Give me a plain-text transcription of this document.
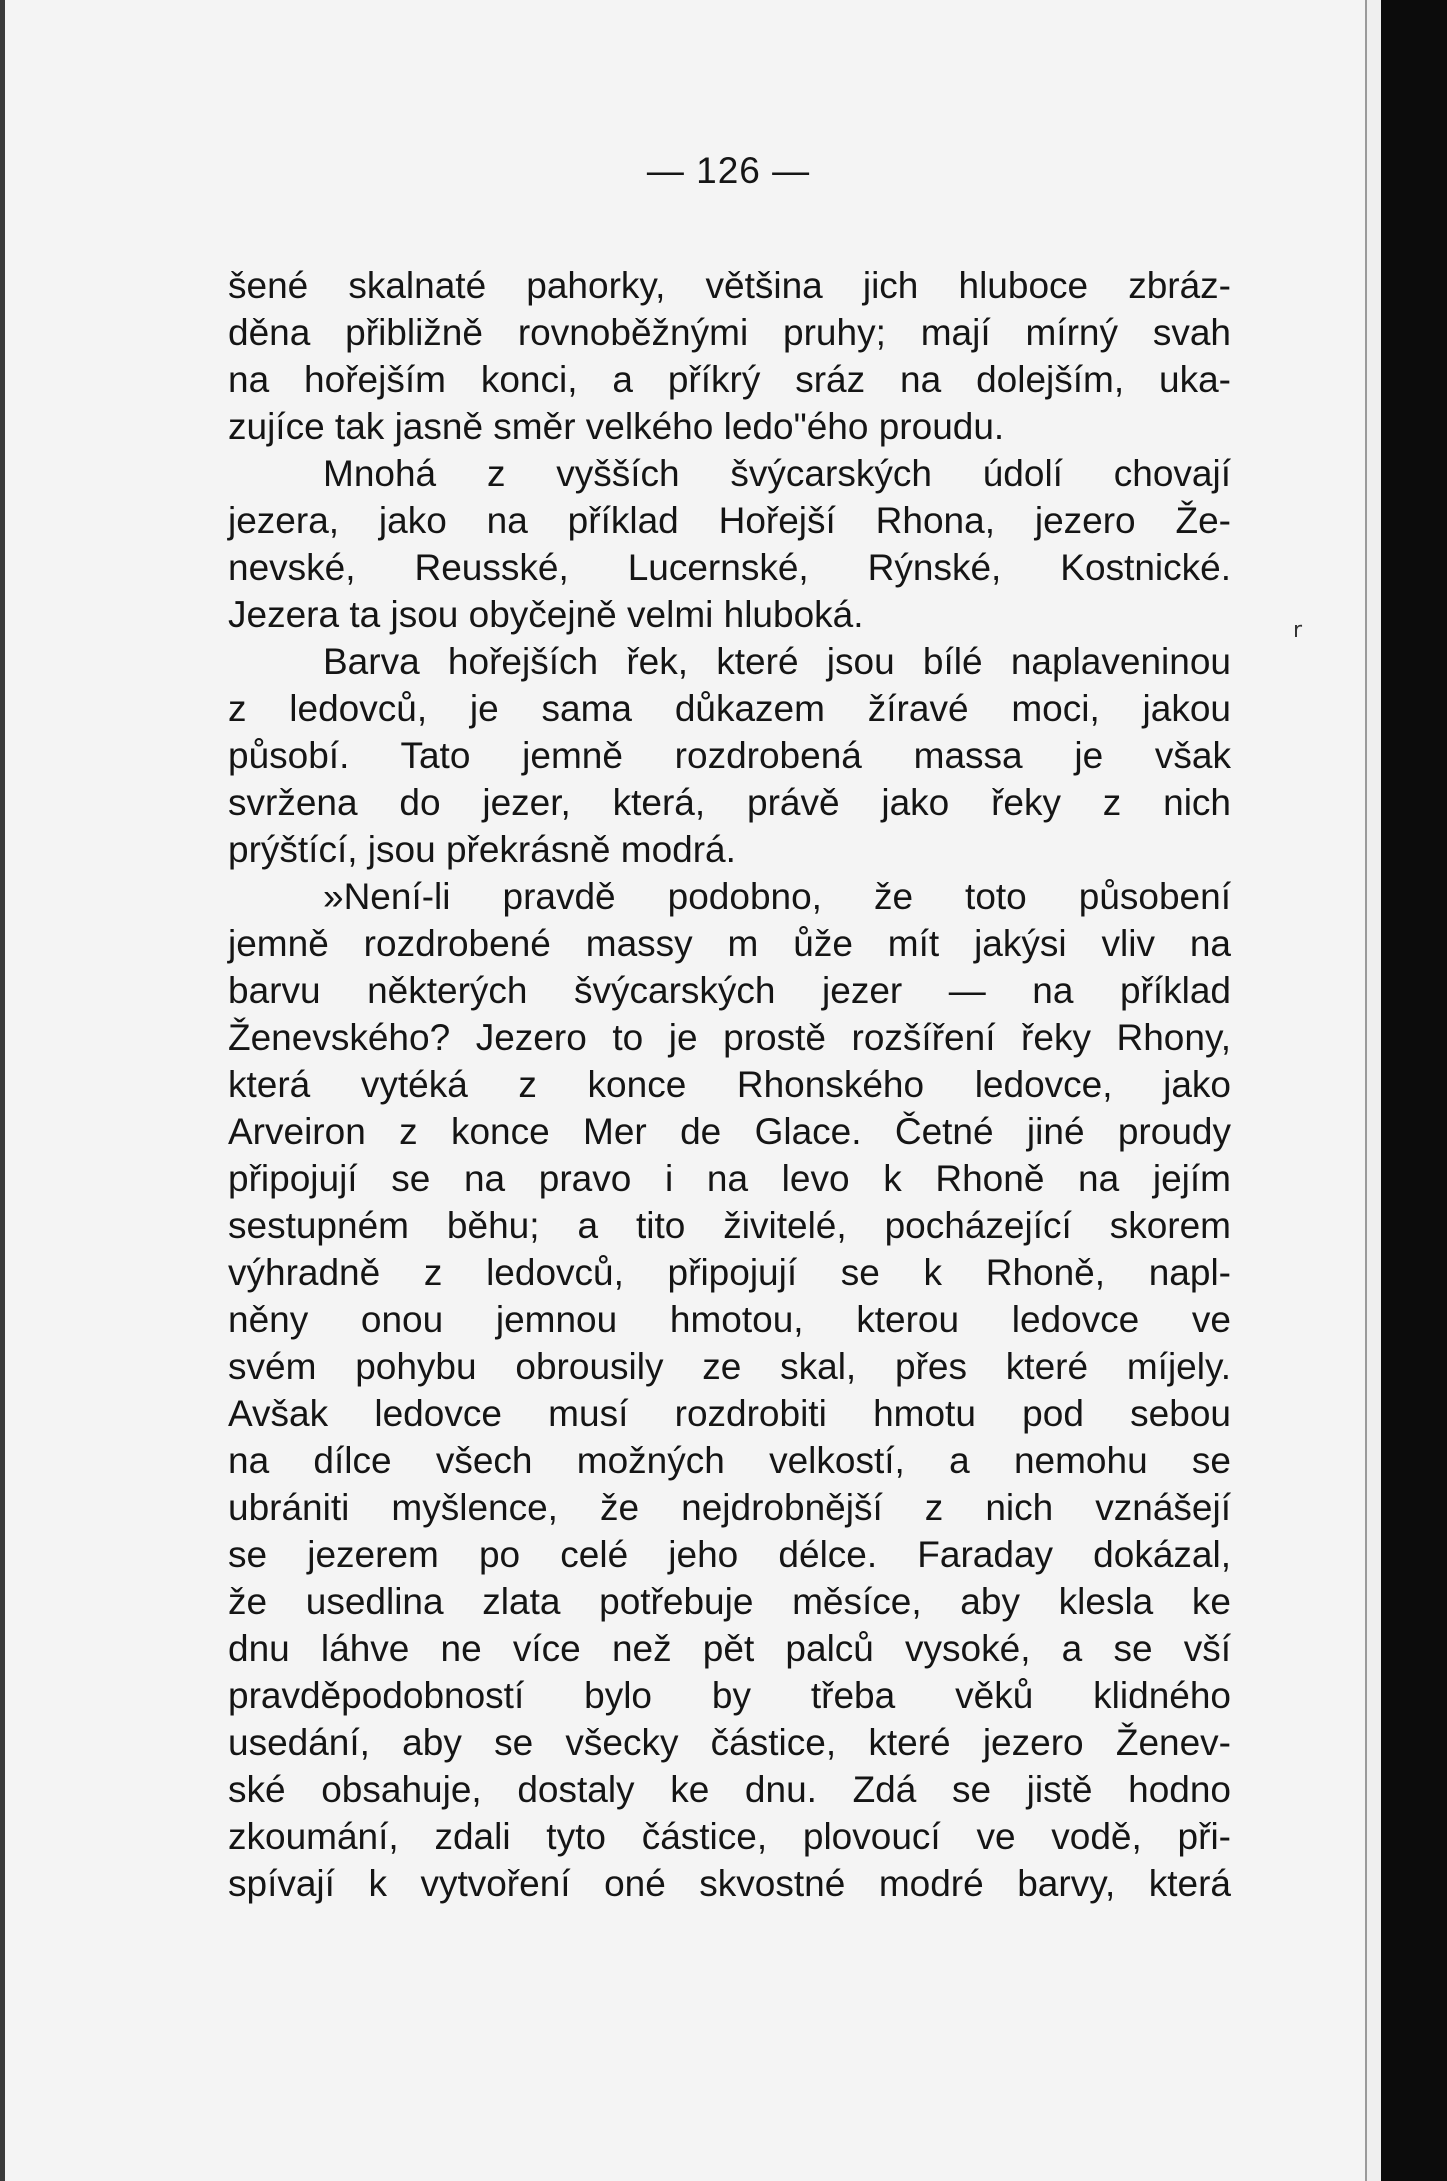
— 126 —
šené skalnaté pahorky, většina jich hluboce zbráz-
děna přibližně rovnoběžnými pruhy; mají mírný svah
na hořejším konci, a příkrý sráz na dolejším, uka-
zujíce tak jasně směr velkého ledo"ého proudu.
Mnohá z vyšších švýcarských údolí chovají
jezera, jako na příklad Hořejší Rhona, jezero Že-
nevské, Reusské, Lucernské, Rýnské, Kostnické.
Jezera ta jsou obyčejně velmi hluboká.
Barva hořejších řek, které jsou bílé naplaveninou
z ledovců, je sama důkazem žíravé moci, jakou
působí. Tato jemně rozdrobená massa je však
svržena do jezer, která, právě jako řeky z nich
prýštící, jsou překrásně modrá.
»Není-li pravdě podobno, že toto působení
jemně rozdrobené massy m ůže mít jakýsi vliv na
barvu některých švýcarských jezer — na příklad
Ženevského? Jezero to je prostě rozšíření řeky Rhony,
která vytéká z konce Rhonského ledovce, jako
Arveiron z konce Mer de Glace. Četné jiné proudy
připojují se na pravo i na levo k Rhoně na jejím
sestupném běhu; a tito živitelé, pocházející skorem
výhradně z ledovců, připojují se k Rhoně, napl-
něny onou jemnou hmotou, kterou ledovce ve
svém pohybu obrousily ze skal, přes které míjely.
Avšak ledovce musí rozdrobiti hmotu pod sebou
na dílce všech možných velkostí, a nemohu se
ubrániti myšlence, že nejdrobnější z nich vznášejí
se jezerem po celé jeho délce. Faraday dokázal,
že usedlina zlata potřebuje měsíce, aby klesla ke
dnu láhve ne více než pět palců vysoké, a se vší
pravděpodobností bylo by třeba věků klidného
usedání, aby se všecky částice, které jezero Ženev-
ské obsahuje, dostaly ke dnu. Zdá se jistě hodno
zkoumání, zdali tyto částice, plovoucí ve vodě, při-
spívají k vytvoření oné skvostné modré barvy, která
r
